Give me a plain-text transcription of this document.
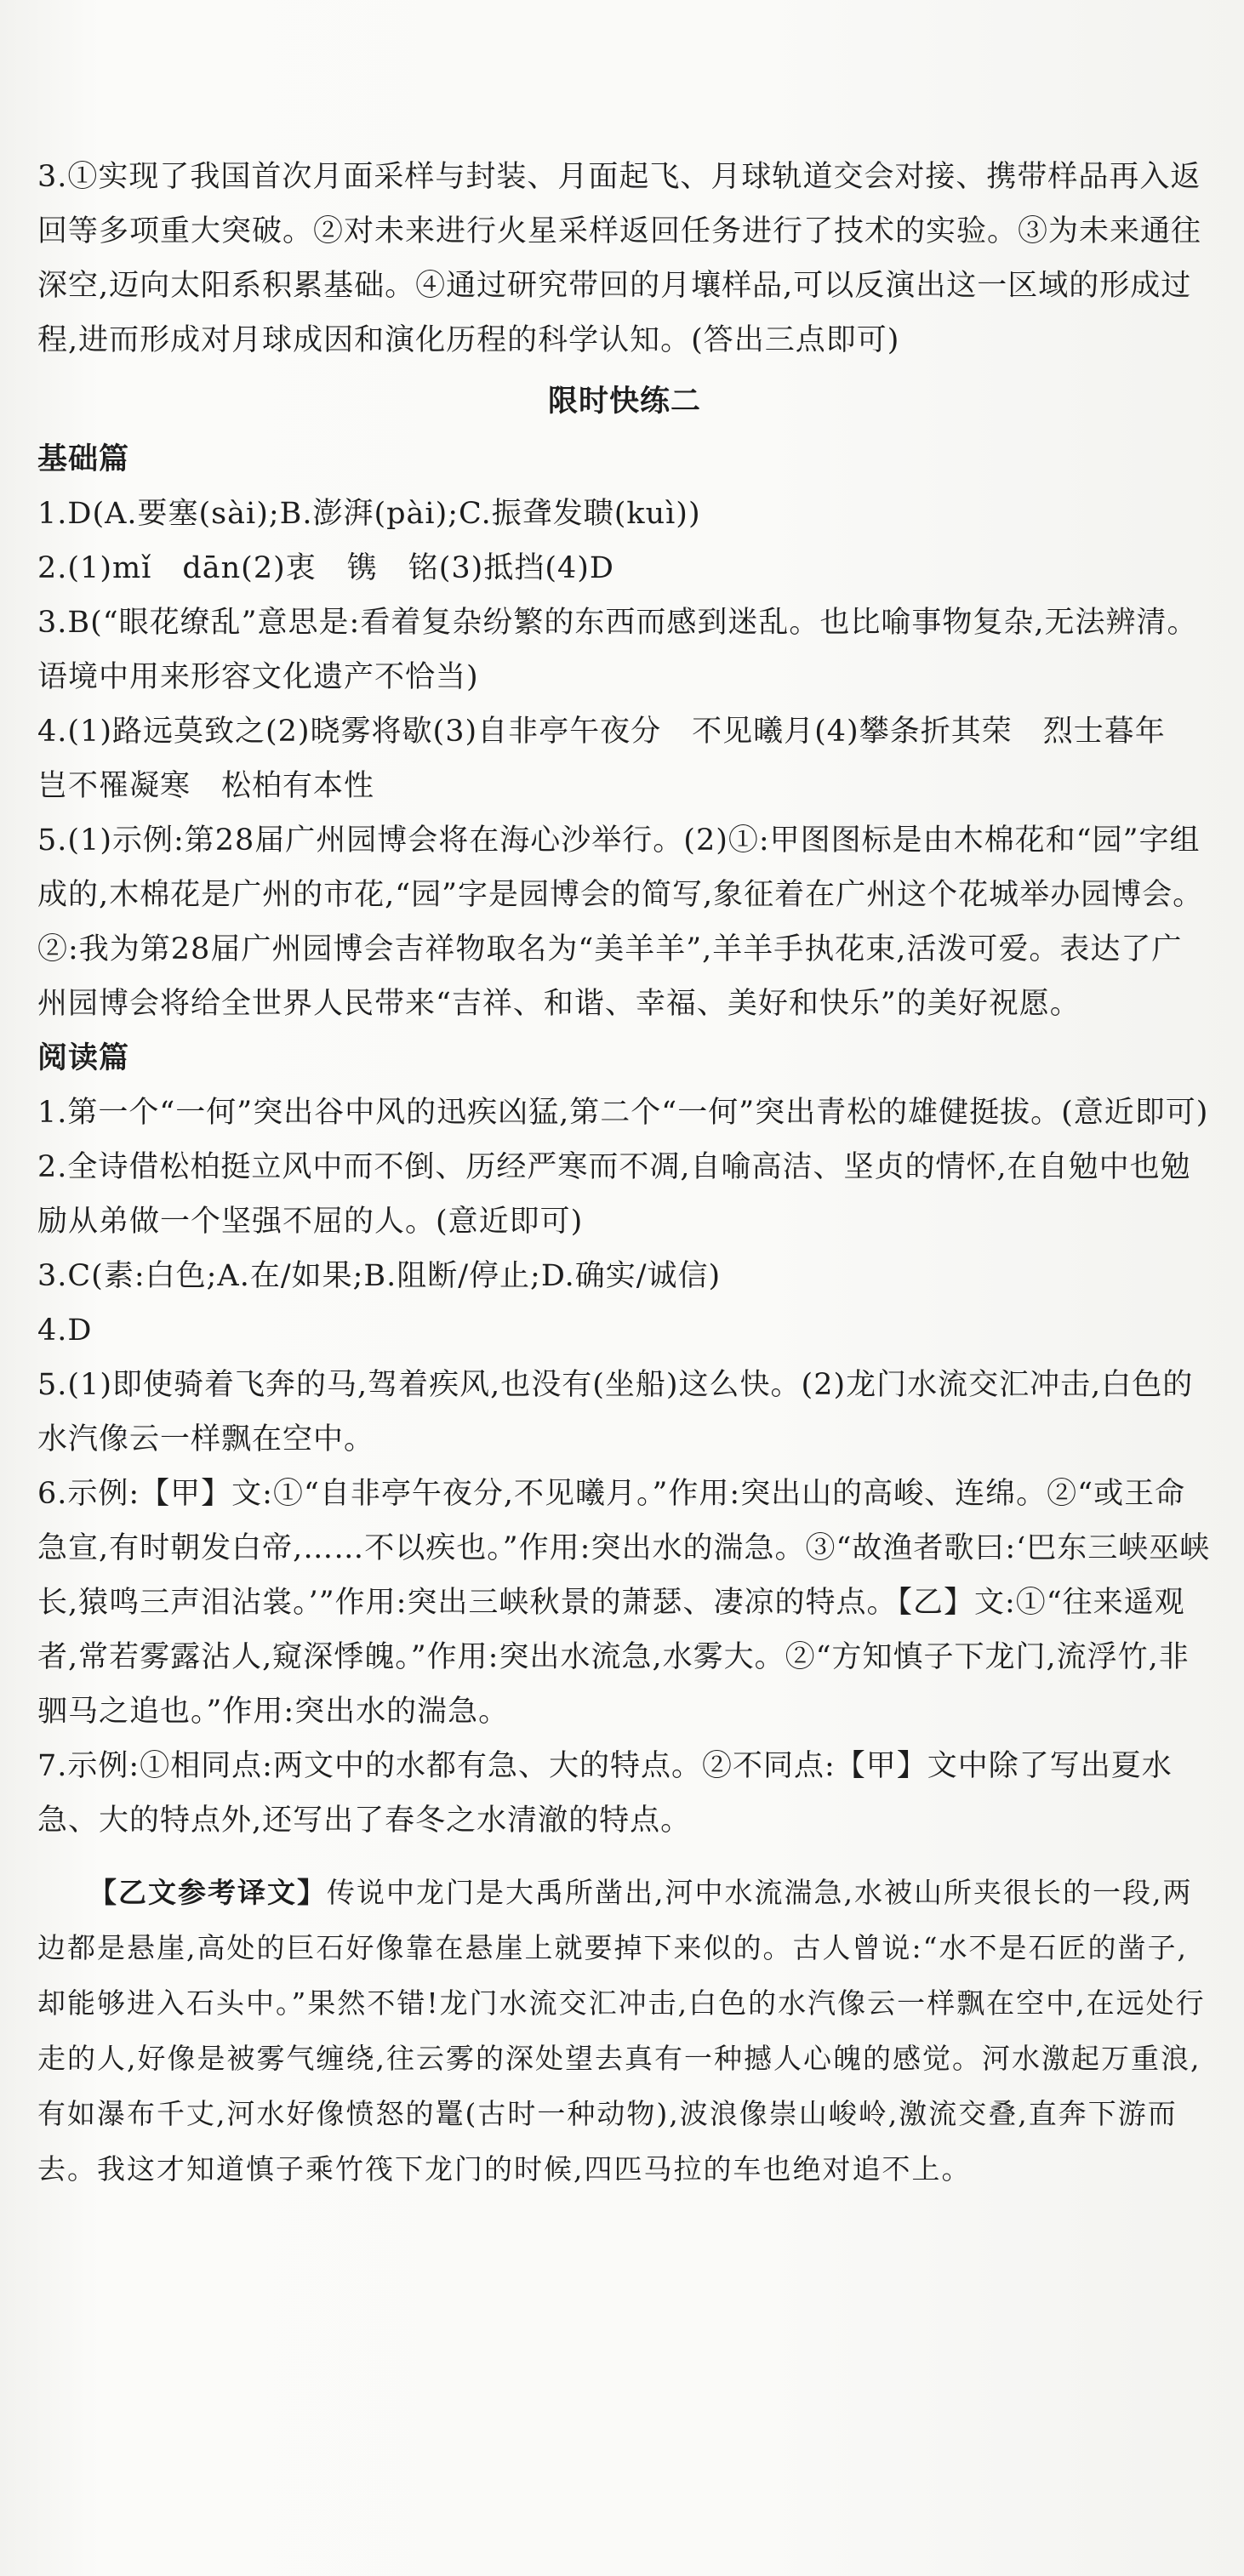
3.①实现了我国首次月面采样与封装、月面起飞、月球轨道交会对接、携带样品再入返回等多项重大突破。②对未来进行火星采样返回任务进行了技术的实验。③为未来通往深空,迈向太阳系积累基础。④通过研究带回的月壤样品,可以反演出这一区域的形成过程,进而形成对月球成因和演化历程的科学认知。(答出三点即可)

限时快练二

基础篇

1.D(A.要塞(sài);B.澎湃(pài);C.振聋发聩(kuì))

2.(1)mǐ　dān(2)衷　镌　铭(3)抵挡(4)D

3.B(“眼花缭乱”意思是:看着复杂纷繁的东西而感到迷乱。也比喻事物复杂,无法辨清。语境中用来形容文化遗产不恰当)

4.(1)路远莫致之(2)晓雾将歇(3)自非亭午夜分　不见曦月(4)攀条折其荣　烈士暮年　岂不罹凝寒　松柏有本性

5.(1)示例:第28届广州园博会将在海心沙举行。(2)①:甲图图标是由木棉花和“园”字组成的,木棉花是广州的市花,“园”字是园博会的简写,象征着在广州这个花城举办园博会。②:我为第28届广州园博会吉祥物取名为“美羊羊”,羊羊手执花束,活泼可爱。表达了广州园博会将给全世界人民带来“吉祥、和谐、幸福、美好和快乐”的美好祝愿。

阅读篇

1.第一个“一何”突出谷中风的迅疾凶猛,第二个“一何”突出青松的雄健挺拔。(意近即可)

2.全诗借松柏挺立风中而不倒、历经严寒而不凋,自喻高洁、坚贞的情怀,在自勉中也勉励从弟做一个坚强不屈的人。(意近即可)

3.C(素:白色;A.在/如果;B.阻断/停止;D.确实/诚信)

4.D

5.(1)即使骑着飞奔的马,驾着疾风,也没有(坐船)这么快。(2)龙门水流交汇冲击,白色的水汽像云一样飘在空中。

6.示例:【甲】文:①“自非亭午夜分,不见曦月。”作用:突出山的高峻、连绵。②“或王命急宣,有时朝发白帝,……不以疾也。”作用:突出水的湍急。③“故渔者歌曰:‘巴东三峡巫峡长,猿鸣三声泪沾裳。’”作用:突出三峡秋景的萧瑟、凄凉的特点。【乙】文:①“往来遥观者,常若雾露沾人,窥深悸魄。”作用:突出水流急,水雾大。②“方知慎子下龙门,流浮竹,非驷马之追也。”作用:突出水的湍急。

7.示例:①相同点:两文中的水都有急、大的特点。②不同点:【甲】文中除了写出夏水急、大的特点外,还写出了春冬之水清澈的特点。

【乙文参考译文】传说中龙门是大禹所凿出,河中水流湍急,水被山所夹很长的一段,两边都是悬崖,高处的巨石好像靠在悬崖上就要掉下来似的。古人曾说:“水不是石匠的凿子,却能够进入石头中。”果然不错!龙门水流交汇冲击,白色的水汽像云一样飘在空中,在远处行走的人,好像是被雾气缠绕,往云雾的深处望去真有一种撼人心魄的感觉。河水激起万重浪,有如瀑布千丈,河水好像愤怒的鼍(古时一种动物),波浪像崇山峻岭,激流交叠,直奔下游而去。我这才知道慎子乘竹筏下龙门的时候,四匹马拉的车也绝对追不上。
